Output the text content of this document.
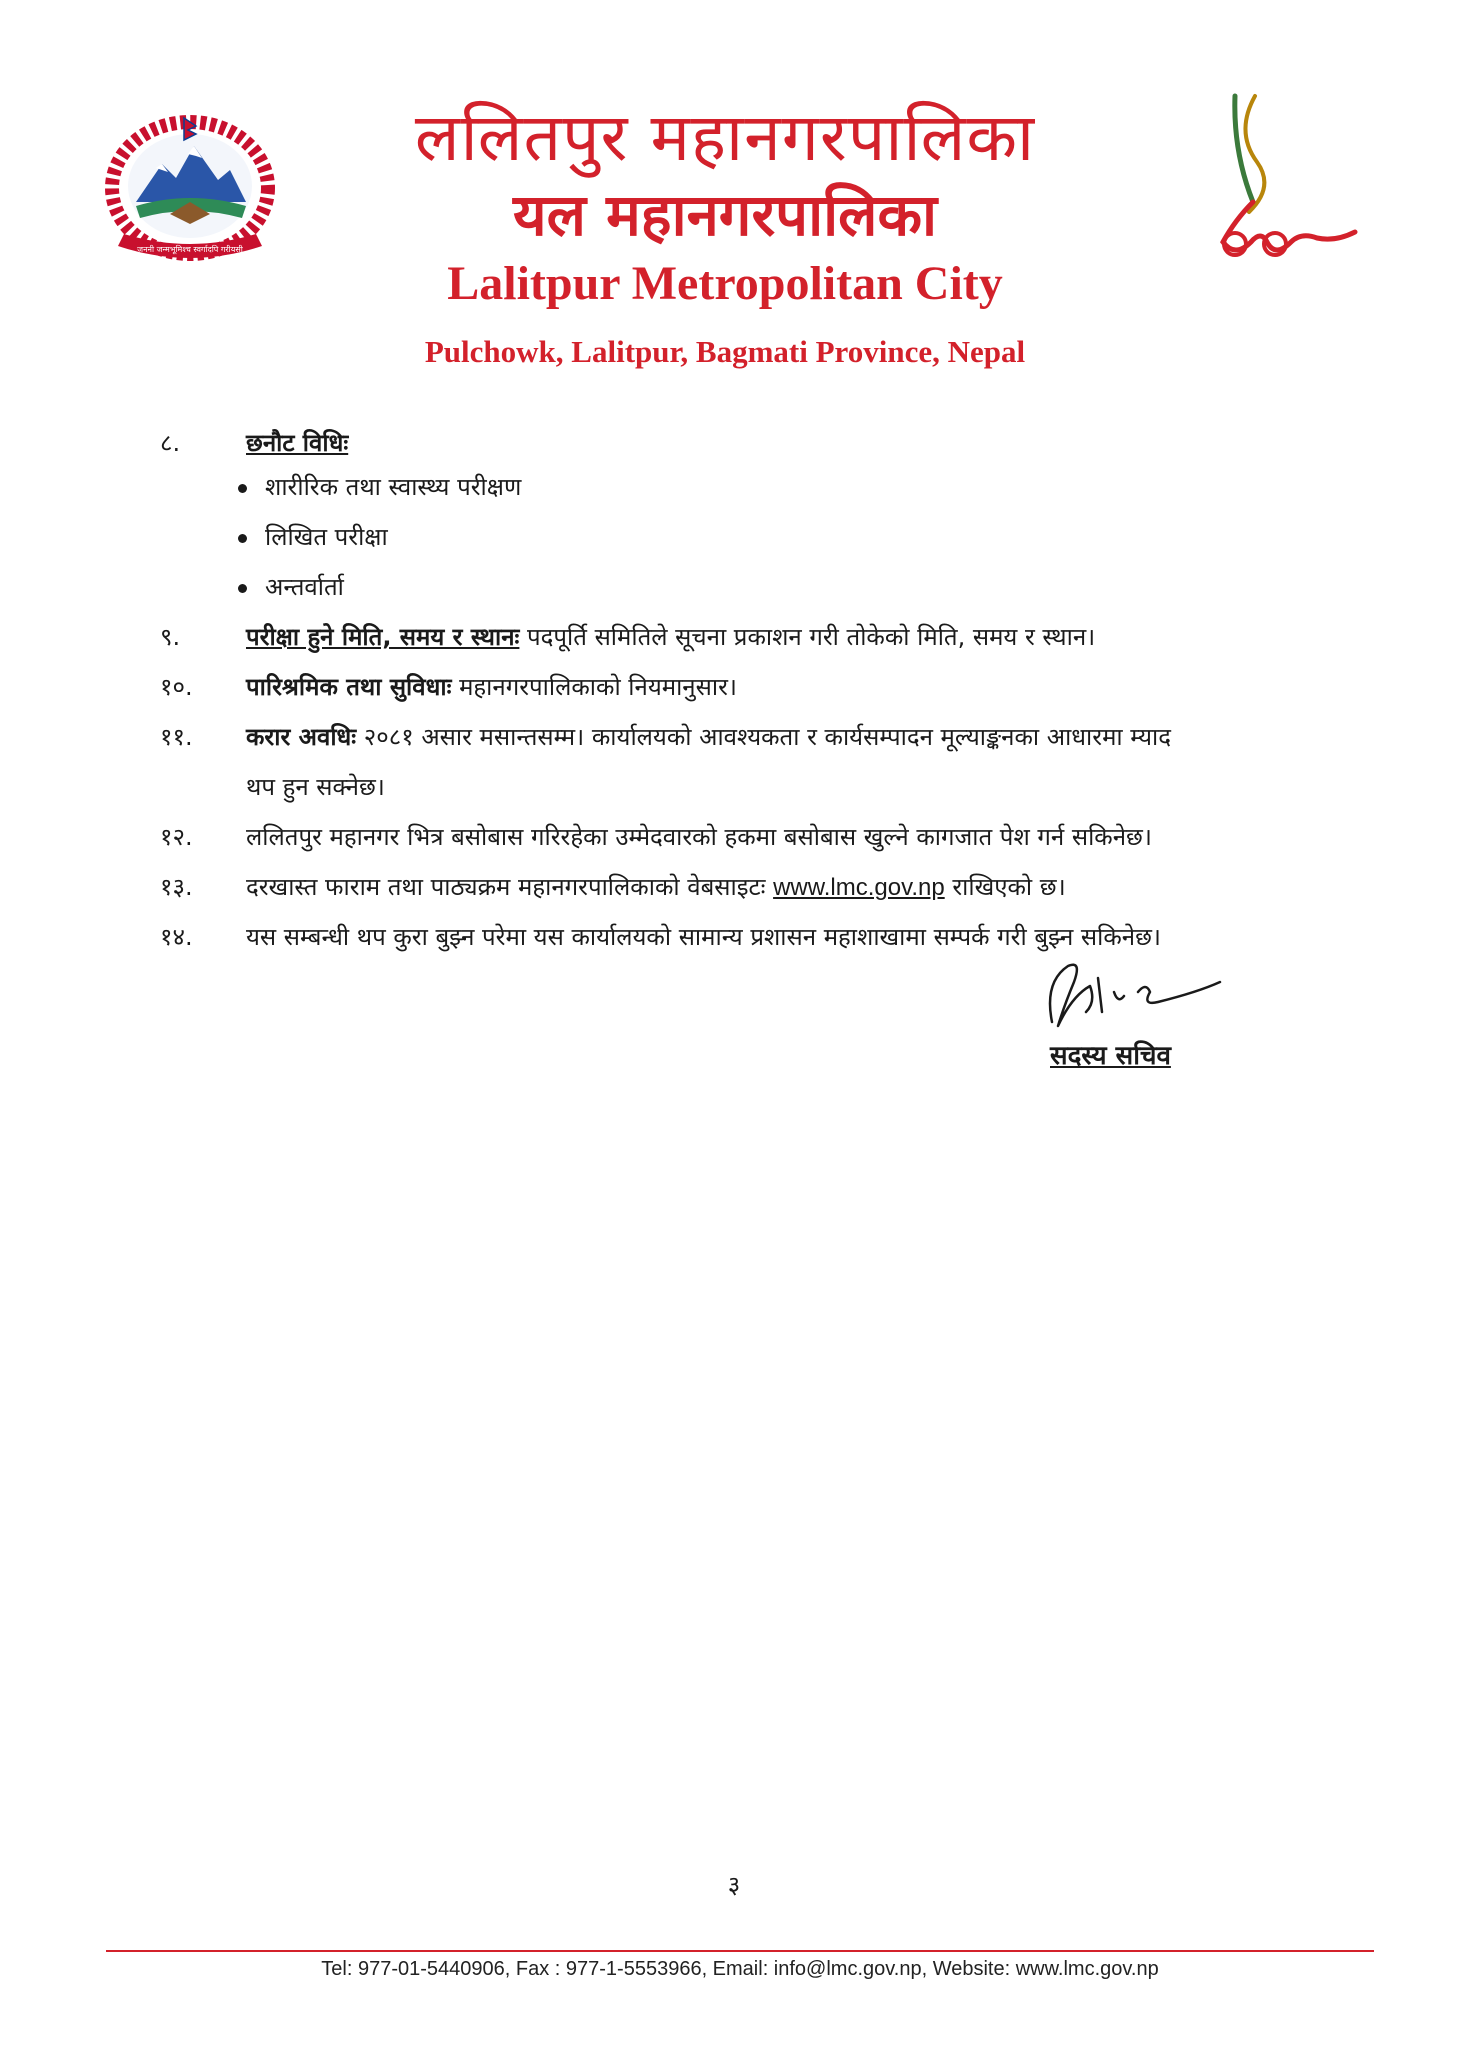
जननी जन्मभूमिश्च स्वर्गादपि गरीयसी
ललितपुर महानगरपालिका
यल महानगरपालिका
Lalitpur Metropolitan City
Pulchowk, Lalitpur, Bagmati Province, Nepal
८.	छनौट विधिः
शारीरिक तथा स्वास्थ्य परीक्षण
लिखित परीक्षा
अन्तर्वार्ता
९.	परीक्षा हुने मिति, समय र स्थानः पदपूर्ति समितिले सूचना प्रकाशन गरी तोकेको मिति, समय र स्थान।
१०.	पारिश्रमिक तथा सुविधाः महानगरपालिकाको नियमानुसार।
११.	करार अवधिः २०८१ असार मसान्तसम्म। कार्यालयको आवश्यकता र कार्यसम्पादन मूल्याङ्कनका आधारमा म्याद
थप हुन सक्नेछ।
१२.	ललितपुर महानगर भित्र बसोबास गरिरहेका उम्मेदवारको हकमा बसोबास खुल्ने कागजात पेश गर्न सकिनेछ।
१३.	दरखास्त फाराम तथा पाठ्यक्रम महानगरपालिकाको वेबसाइटः www.lmc.gov.np राखिएको छ।
१४.	यस सम्बन्धी थप कुरा बुझ्न परेमा यस कार्यालयको सामान्य प्रशासन महाशाखामा सम्पर्क गरी बुझ्न सकिनेछ।
सदस्य सचिव
३
Tel: 977-01-5440906, Fax : 977-1-5553966, Email: info@lmc.gov.np, Website: www.lmc.gov.np
